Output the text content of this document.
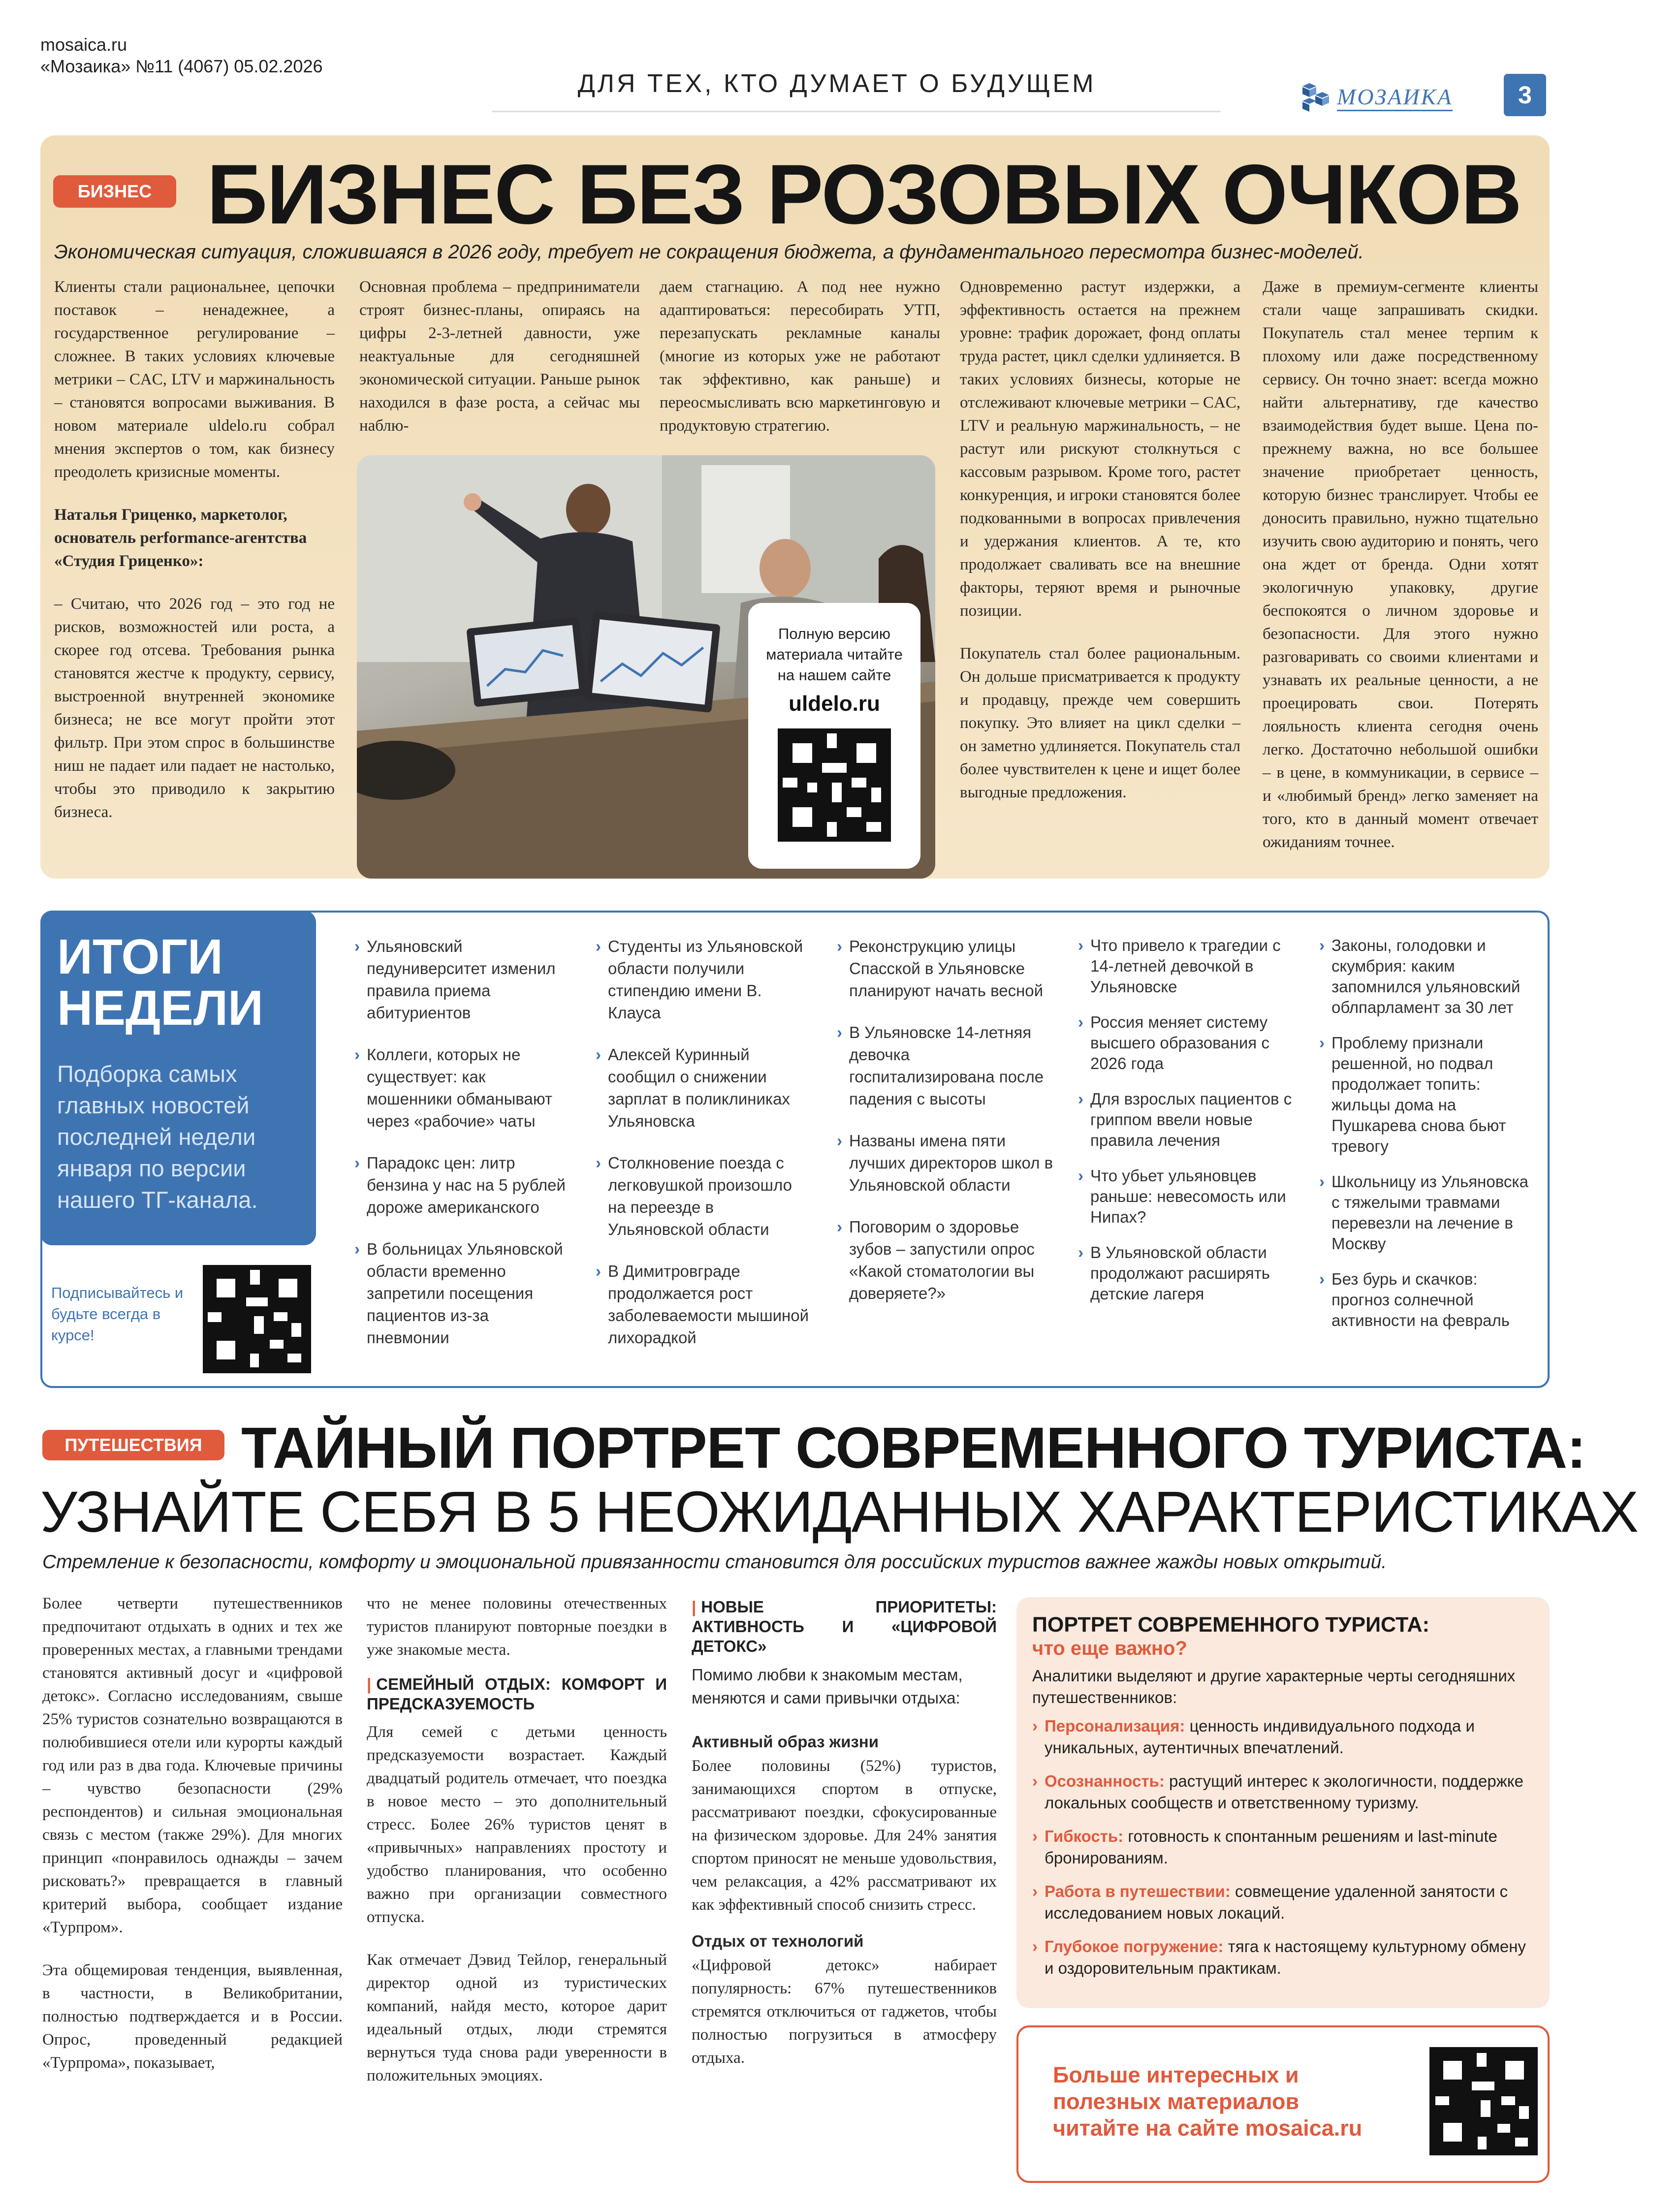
mosaica.ru
«Мозаика» №11 (4067) 05.02.2026
ДЛЯ ТЕХ, КТО ДУМАЕТ О БУДУЩЕМ	МОЗАИКА	3
БИЗНЕС БИЗНЕС БЕЗ РОЗОВЫХ ОЧКОВ
Экономическая ситуация, сложившаяся в 2026 году, требует не сокращения бюджета, а фундаментального пересмотра бизнес-моделей.

Клиенты стали рациональнее, цепочки поставок – ненадежнее, а государственное регулирование – сложнее. В таких условиях ключевые метрики – CAC, LTV и маржинальность – становятся вопросами выживания. В новом материале uldelo.ru собрал мнения экспертов о том, как бизнесу преодолеть кризисные моменты.

Наталья Гриценко, маркетолог, основатель performance-агентства «Студия Гриценко»:

– Считаю, что 2026 год – это год не рисков, возможностей или роста, а скорее год отсева. Требования рынка становятся жестче к продукту, сервису, выстроенной внутренней экономике бизнеса; не все могут пройти этот фильтр. При этом спрос в большинстве ниш не падает или падает не настолько, чтобы это приводило к закрытию бизнеса.

Основная проблема – предприниматели строят бизнес-планы, опираясь на цифры 2-3-летней давности, уже неактуальные для сегодняшней экономической ситуации. Раньше рынок находился в фазе роста, а сейчас мы наблю-

даем стагнацию. А под нее нужно адаптироваться: пересобирать УТП, перезапускать рекламные каналы (многие из которых уже не работают так эффективно, как раньше) и переосмысливать всю маркетинговую и продуктовую стратегию.

Одновременно растут издержки, а эффективность остается на прежнем уровне: трафик дорожает, фонд оплаты труда растет, цикл сделки удлиняется. В таких условиях бизнесы, которые не отслеживают ключевые метрики – CAC, LTV и реальную маржинальность, – не растут или рискуют столкнуться с кассовым разрывом. Кроме того, растет конкуренция, и игроки становятся более подкованными в вопросах привлечения и удержания клиентов. А те, кто продолжает сваливать все на внешние факторы, теряют время и рыночные позиции.

Покупатель стал более рациональным. Он дольше присматривается к продукту и продавцу, прежде чем совершить покупку. Это влияет на цикл сделки – он заметно удлиняется. Покупатель стал более чувствителен к цене и ищет более выгодные предложения.

Даже в премиум-сегменте клиенты стали чаще запрашивать скидки. Покупатель стал менее терпим к плохому или даже посредственному сервису. Он точно знает: всегда можно найти альтернативу, где качество взаимодействия будет выше. Цена по-прежнему важна, но все большее значение приобретает ценность, которую бизнес транслирует. Чтобы ее доносить правильно, нужно тщательно изучить свою аудиторию и понять, чего она ждет от бренда. Одни хотят экологичную упаковку, другие беспокоятся о личном здоровье и безопасности. Для этого нужно разговаривать со своими клиентами и узнавать их реальные ценности, а не проецировать свои. Потерять лояльность клиента сегодня очень легко. Достаточно небольшой ошибки – в цене, в коммуникации, в сервисе – и «любимый бренд» легко заменяет на того, кто в данный момент отвечает ожиданиям точнее.

Полную версию материала читайте на нашем сайте
uldelo.ru
ИТОГИ
НЕДЕЛИ
Подборка самых главных новостей последней недели января по версии нашего ТГ-канала.
Подписывайтесь и будьте всегда в курсе!
› Ульяновский педуниверситет изменил правила приема абитуриентов
› Коллеги, которых не существует: как мошенники обманывают через «рабочие» чаты
› Парадокс цен: литр бензина у нас на 5 рублей дороже американского
› В больницах Ульяновской области временно запретили посещения пациентов из-за пневмонии
› Студенты из Ульяновской области получили стипендию имени В. Клауса
› Алексей Куринный сообщил о снижении зарплат в поликлиниках Ульяновска
› Столкновение поезда с легковушкой произошло на переезде в Ульяновской области
› В Димитровграде продолжается рост заболеваемости мышиной лихорадкой
› Реконструкцию улицы Спасской в Ульяновске планируют начать весной
› В Ульяновске 14-летняя девочка госпитализирована после падения с высоты
› Названы имена пяти лучших директоров школ в Ульяновской области
› Поговорим о здоровье зубов – запустили опрос «Какой стоматологии вы доверяете?»
› Что привело к трагедии с 14-летней девочкой в Ульяновске
› Россия меняет систему высшего образования с 2026 года
› Для взрослых пациентов с гриппом ввели новые правила лечения
› Что убьет ульяновцев раньше: невесомость или Нипах?
› В Ульяновской области продолжают расширять детские лагеря
› Законы, голодовки и скумбрия: каким запомнился ульяновский облпарламент за 30 лет
› Проблему признали решенной, но подвал продолжает топить: жильцы дома на Пушкарева снова бьют тревогу
› Школьницу из Ульяновска с тяжелыми травмами перевезли на лечение в Москву
› Без бурь и скачков: прогноз солнечной активности на февраль
ПУТЕШЕСТВИЯ ТАЙНЫЙ ПОРТРЕТ СОВРЕМЕННОГО ТУРИСТА:
УЗНАЙТЕ СЕБЯ В 5 НЕОЖИДАННЫХ ХАРАКТЕРИСТИКАХ
Стремление к безопасности, комфорту и эмоциональной привязанности становится для российских туристов важнее жажды новых открытий.

Более четверти путешественников предпочитают отдыхать в одних и тех же проверенных местах, а главными трендами становятся активный досуг и «цифровой детокс». Согласно исследованиям, свыше 25% туристов сознательно возвращаются в полюбившиеся отели или курорты каждый год или раз в два года. Ключевые причины – чувство безопасности (29% респондентов) и сильная эмоциональная связь с местом (также 29%). Для многих принцип «понравилось однажды – зачем рисковать?» превращается в главный критерий выбора, сообщает издание «Турпром».

Эта общемировая тенденция, выявленная, в частности, в Великобритании, полностью подтверждается и в России. Опрос, проведенный редакцией «Турпрома», показывает,

что не менее половины отечественных туристов планируют повторные поездки в уже знакомые места.

| СЕМЕЙНЫЙ ОТДЫХ: КОМФОРТ И ПРЕДСКАЗУЕМОСТЬ

Для семей с детьми ценность предсказуемости возрастает. Каждый двадцатый родитель отмечает, что поездка в новое место – это дополнительный стресс. Более 26% туристов ценят в «привычных» направлениях простоту и удобство планирования, что особенно важно при организации совместного отпуска.

Как отмечает Дэвид Тейлор, генеральный директор одной из туристических компаний, найдя место, которое дарит идеальный отдых, люди стремятся вернуться туда снова ради уверенности в положительных эмоциях.

| НОВЫЕ ПРИОРИТЕТЫ: АКТИВНОСТЬ И «ЦИФРОВОЙ ДЕТОКС»

Помимо любви к знакомым местам, меняются и сами привычки отдыха:

Активный образ жизни

Более половины (52%) туристов, занимающихся спортом в отпуске, рассматривают поездки, сфокусированные на физическом здоровье. Для 24% занятия спортом приносят не меньше удовольствия, чем релаксация, а 42% рассматривают их как эффективный способ снизить стресс.

Отдых от технологий

«Цифровой детокс» набирает популярность: 67% путешественников стремятся отключиться от гаджетов, чтобы полностью погрузиться в атмосферу отдыха.

ПОРТРЕТ СОВРЕМЕННОГО ТУРИСТА:
что еще важно?
Аналитики выделяют и другие характерные черты сегодняшних путешественников:
› Персонализация: ценность индивидуального подхода и уникальных, аутентичных впечатлений.
› Осознанность: растущий интерес к экологичности, поддержке локальных сообществ и ответственному туризму.
› Гибкость: готовность к спонтанным решениям и last-minute бронированиям.
› Работа в путешествии: совмещение удаленной занятости с исследованием новых локаций.
› Глубокое погружение: тяга к настоящему культурному обмену и оздоровительным практикам.
Больше интересных и полезных материалов читайте на сайте mosaica.ru
